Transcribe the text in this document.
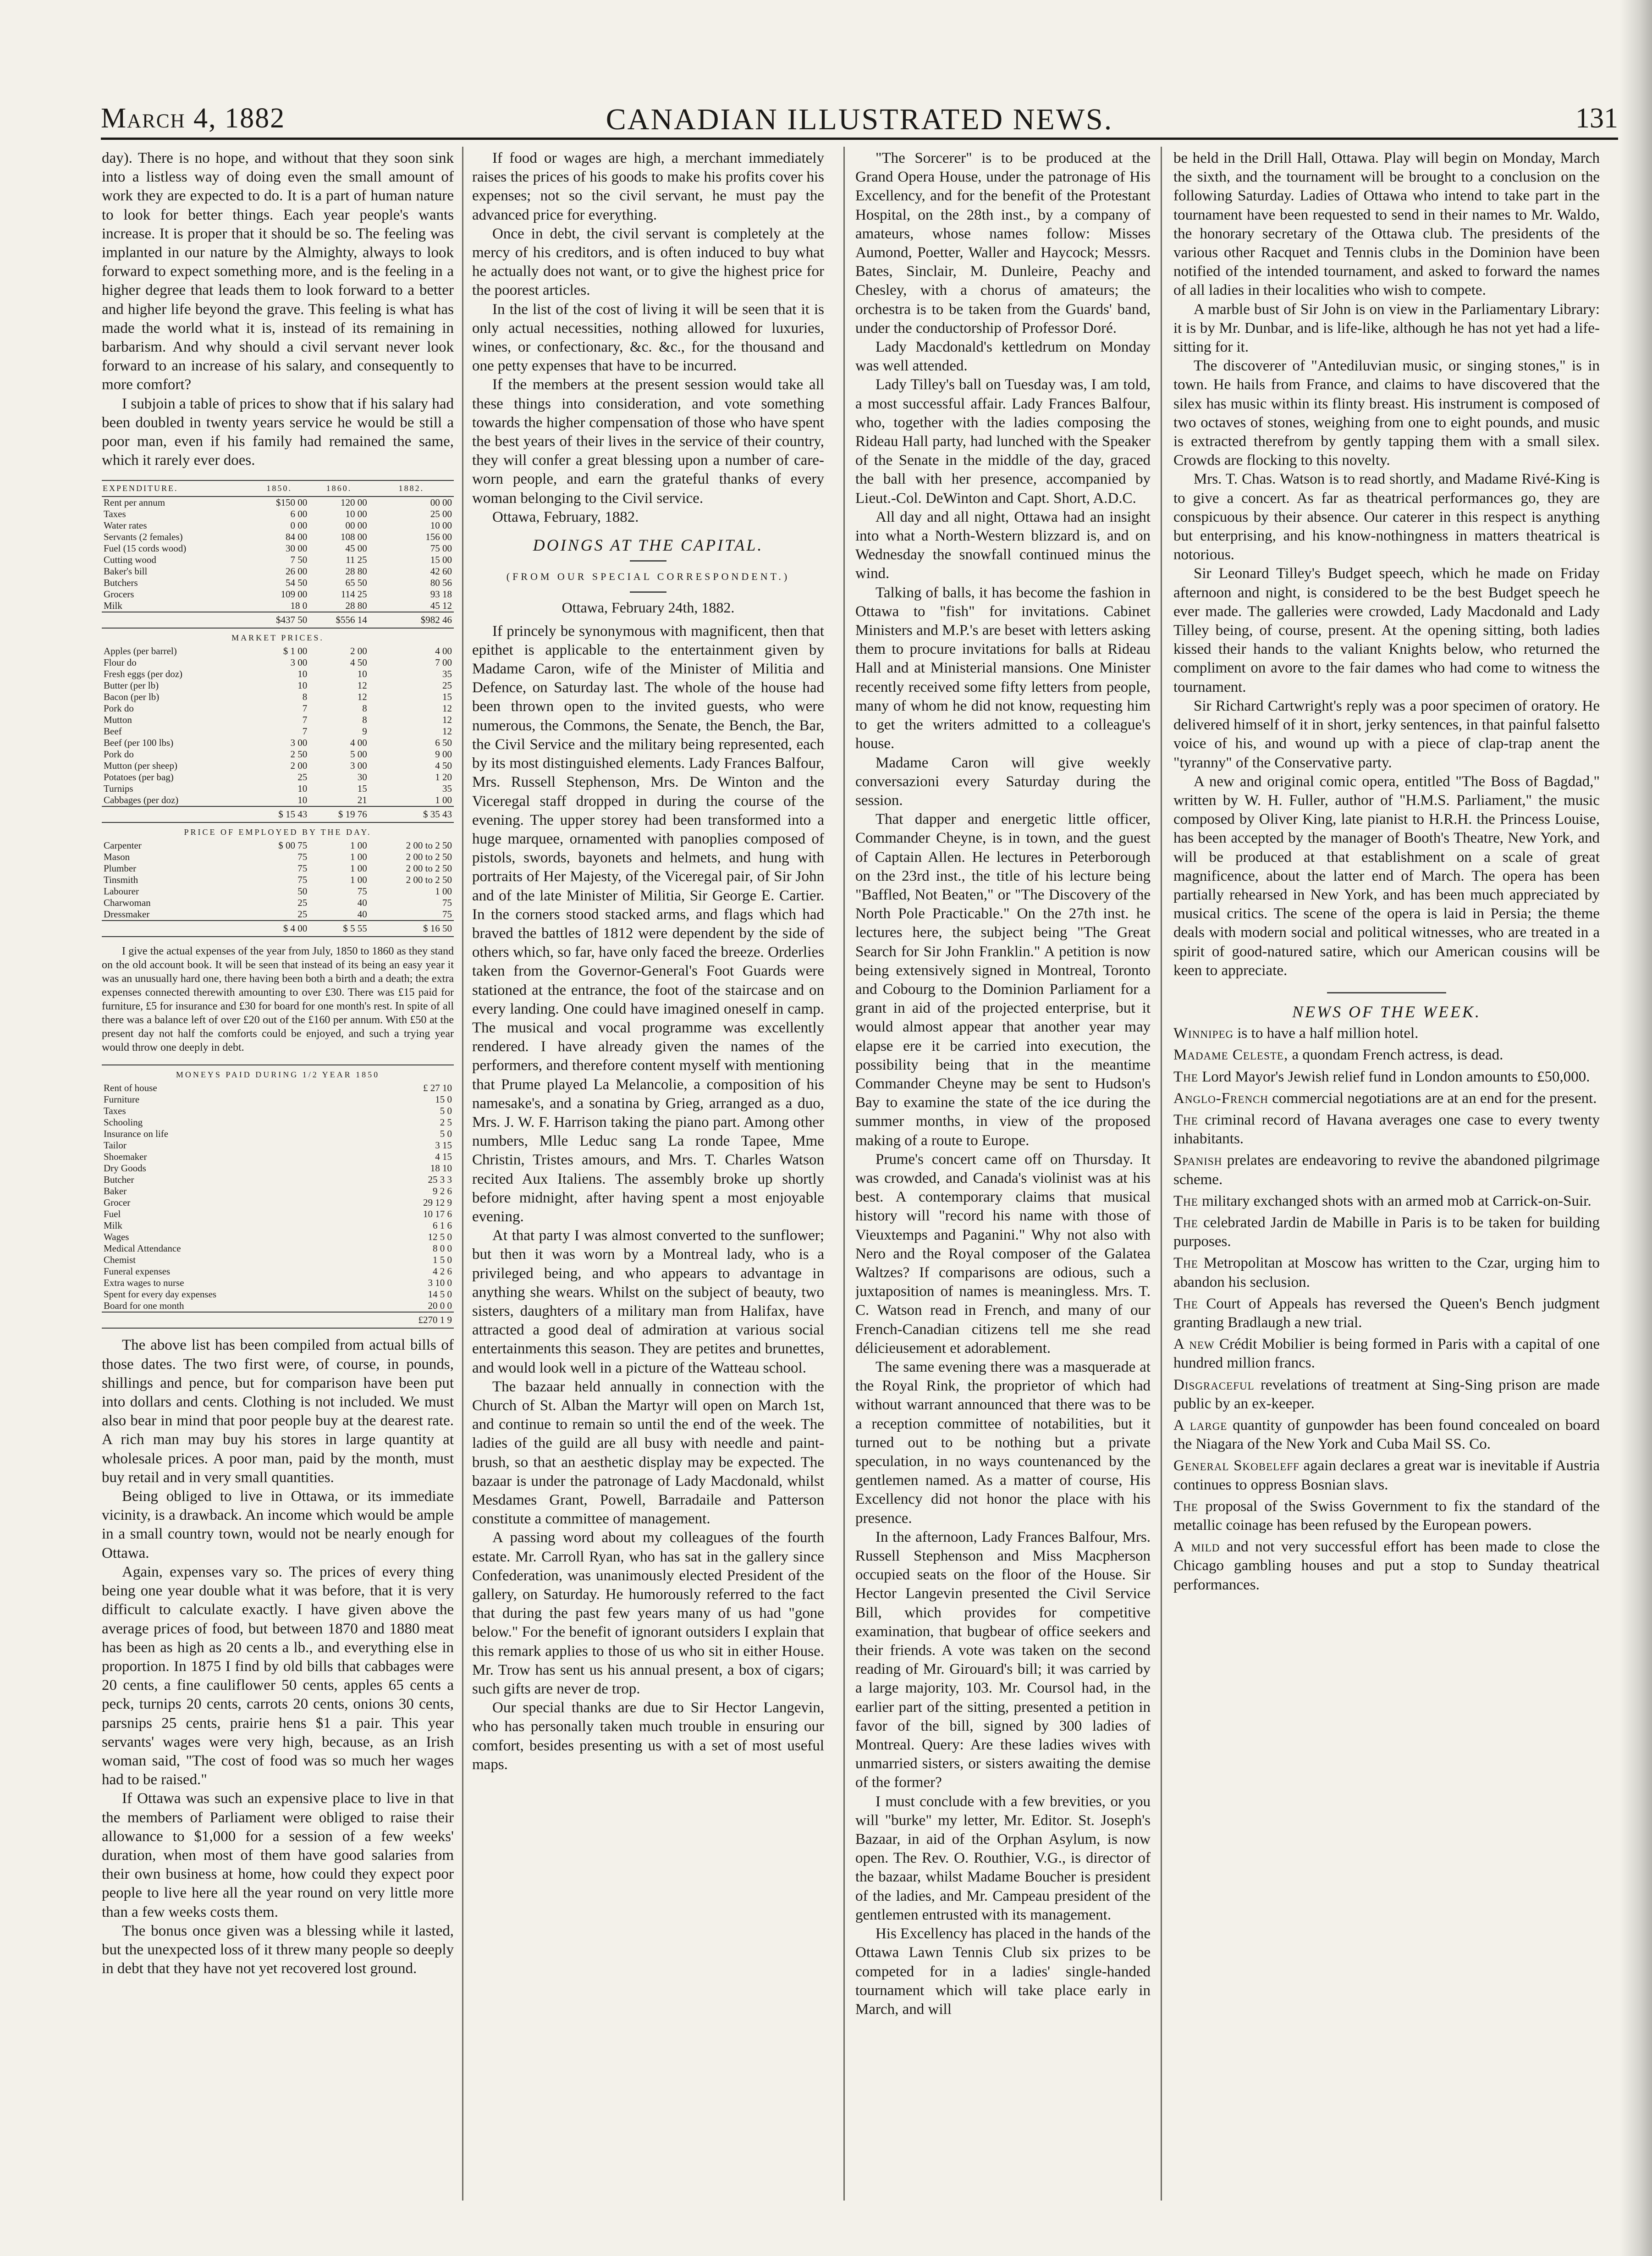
March 4, 1882	CANADIAN ILLUSTRATED NEWS.	131

day). There is no hope, and without that they soon sink into a listless way of doing even the small amount of work they are expected to do. It is a part of human nature to look for better things. Each year people's wants increase. It is proper that it should be so. The feeling was implanted in our nature by the Almighty, always to look forward to expect something more, and is the feeling in a higher degree that leads them to look forward to a better and higher life beyond the grave. This feeling is what has made the world what it is, instead of its remaining in barbarism. And why should a civil servant never look forward to an increase of his salary, and consequently to more comfort?

I subjoin a table of prices to show that if his salary had been doubled in twenty years service he would be still a poor man, even if his family had remained the same, which it rarely ever does.

EXPENDITURE.	1850.	1860.	1882.
Rent per annum	$150 00	120 00	00 00
Taxes	6 00	10 00	25 00
Water rates	0 00	00 00	10 00
Servants (2 females)	84 00	108 00	156 00
Fuel (15 cords wood)	30 00	45 00	75 00
Cutting wood	7 50	11 25	15 00
Baker's bill	26 00	28 80	42 60
Butchers	54 50	65 50	80 56
Grocers	109 00	114 25	93 18
Milk	18 0	28 80	45 12
	$437 50	$556 14	$982 46
MARKET PRICES.			
Apples (per barrel)	$ 1 00	2 00	4 00
Flour do	3 00	4 50	7 00
Fresh eggs (per doz)	10	10	35
Butter (per lb)	10	12	25
Bacon (per lb)	8	12	15
Pork do	7	8	12
Mutton	7	8	12
Beef	7	9	12
Beef (per 100 lbs)	3 00	4 00	6 50
Pork do	2 50	5 00	9 00
Mutton (per sheep)	2 00	3 00	4 50
Potatoes (per bag)	25	30	1 20
Turnips	10	15	35
Cabbages (per doz)	10	21	1 00
	$ 15 43	$ 19 76	$ 35 43
PRICE OF EMPLOYED BY THE DAY.			
Carpenter	$ 00 75	1 00	2 00 to 2 50
Mason	75	1 00	2 00 to 2 50
Plumber	75	1 00	2 00 to 2 50
Tinsmith	75	1 00	2 00 to 2 50
Labourer	50	75	1 00
Charwoman	25	40	75
Dressmaker	25	40	75
	$ 4 00	$ 5 55	$ 16 50

I give the actual expenses of the year from July, 1850 to 1860 as they stand on the old account book. It will be seen that instead of its being an easy year it was an unusually hard one, there having been both a birth and a death; the extra expenses connected therewith amounting to over £30. There was £15 paid for furniture, £5 for insurance and £30 for board for one month's rest. In spite of all there was a balance left of over £20 out of the £160 per annum. With £50 at the present day not half the comforts could be enjoyed, and such a trying year would throw one deeply in debt.

MONEYS PAID DURING 1/2 YEAR 1850	
Rent of house	£ 27 10
Furniture	15 0
Taxes	5 0
Schooling	2 5
Insurance on life	5 0
Tailor	3 15
Shoemaker	4 15
Dry Goods	18 10
Butcher	25 3 3
Baker	9 2 6
Grocer	29 12 9
Fuel	10 17 6
Milk	6 1 6
Wages	12 5 0
Medical Attendance	8 0 0
Chemist	1 5 0
Funeral expenses	4 2 6
Extra wages to nurse	3 10 0
Spent for every day expenses	14 5 0
Board for one month	20 0 0
	£270 1 9

The above list has been compiled from actual bills of those dates. The two first were, of course, in pounds, shillings and pence, but for comparison have been put into dollars and cents. Clothing is not included. We must also bear in mind that poor people buy at the dearest rate. A rich man may buy his stores in large quantity at wholesale prices. A poor man, paid by the month, must buy retail and in very small quantities.

Being obliged to live in Ottawa, or its immediate vicinity, is a drawback. An income which would be ample in a small country town, would not be nearly enough for Ottawa.

Again, expenses vary so. The prices of every thing being one year double what it was before, that it is very difficult to calculate exactly. I have given above the average prices of food, but between 1870 and 1880 meat has been as high as 20 cents a lb., and everything else in proportion. In 1875 I find by old bills that cabbages were 20 cents, a fine cauliflower 50 cents, apples 65 cents a peck, turnips 20 cents, carrots 20 cents, onions 30 cents, parsnips 25 cents, prairie hens $1 a pair. This year servants' wages were very high, because, as an Irish woman said, "The cost of food was so much her wages had to be raised."

If Ottawa was such an expensive place to live in that the members of Parliament were obliged to raise their allowance to $1,000 for a session of a few weeks' duration, when most of them have good salaries from their own business at home, how could they expect poor people to live here all the year round on very little more than a few weeks costs them.

The bonus once given was a blessing while it lasted, but the unexpected loss of it threw many people so deeply in debt that they have not yet recovered lost ground.

If food or wages are high, a merchant immediately raises the prices of his goods to make his profits cover his expenses; not so the civil servant, he must pay the advanced price for everything.

Once in debt, the civil servant is completely at the mercy of his creditors, and is often induced to buy what he actually does not want, or to give the highest price for the poorest articles.

In the list of the cost of living it will be seen that it is only actual necessities, nothing allowed for luxuries, wines, or confectionary, &c. &c., for the thousand and one petty expenses that have to be incurred.

If the members at the present session would take all these things into consideration, and vote something towards the higher compensation of those who have spent the best years of their lives in the service of their country, they will confer a great blessing upon a number of care-worn people, and earn the grateful thanks of every woman belonging to the Civil service.

Ottawa, February, 1882.

DOINGS AT THE CAPITAL.
(FROM OUR SPECIAL CORRESPONDENT.)
Ottawa, February 24th, 1882.

If princely be synonymous with magnificent, then that epithet is applicable to the entertainment given by Madame Caron, wife of the Minister of Militia and Defence, on Saturday last. The whole of the house had been thrown open to the invited guests, who were numerous, the Commons, the Senate, the Bench, the Bar, the Civil Service and the military being represented, each by its most distinguished elements. Lady Frances Balfour, Mrs. Russell Stephenson, Mrs. De Winton and the Viceregal staff dropped in during the course of the evening. The upper storey had been transformed into a huge marquee, ornamented with panoplies composed of pistols, swords, bayonets and helmets, and hung with portraits of Her Majesty, of the Viceregal pair, of Sir John and of the late Minister of Militia, Sir George E. Cartier. In the corners stood stacked arms, and flags which had braved the battles of 1812 were dependent by the side of others which, so far, have only faced the breeze. Orderlies taken from the Governor-General's Foot Guards were stationed at the entrance, the foot of the staircase and on every landing. One could have imagined oneself in camp. The musical and vocal programme was excellently rendered. I have already given the names of the performers, and therefore content myself with mentioning that Prume played La Melancolie, a composition of his namesake's, and a sonatina by Grieg, arranged as a duo, Mrs. J. W. F. Harrison taking the piano part. Among other numbers, Mlle Leduc sang La ronde Tapee, Mme Christin, Tristes amours, and Mrs. T. Charles Watson recited Aux Italiens. The assembly broke up shortly before midnight, after having spent a most enjoyable evening.

At that party I was almost converted to the sunflower; but then it was worn by a Montreal lady, who is a privileged being, and who appears to advantage in anything she wears. Whilst on the subject of beauty, two sisters, daughters of a military man from Halifax, have attracted a good deal of admiration at various social entertainments this season. They are petites and brunettes, and would look well in a picture of the Watteau school.

The bazaar held annually in connection with the Church of St. Alban the Martyr will open on March 1st, and continue to remain so until the end of the week. The ladies of the guild are all busy with needle and paint-brush, so that an aesthetic display may be expected. The bazaar is under the patronage of Lady Macdonald, whilst Mesdames Grant, Powell, Barradaile and Patterson constitute a committee of management.

A passing word about my colleagues of the fourth estate. Mr. Carroll Ryan, who has sat in the gallery since Confederation, was unanimously elected President of the gallery, on Saturday. He humorously referred to the fact that during the past few years many of us had "gone below." For the benefit of ignorant outsiders I explain that this remark applies to those of us who sit in either House. Mr. Trow has sent us his annual present, a box of cigars; such gifts are never de trop.

Our special thanks are due to Sir Hector Langevin, who has personally taken much trouble in ensuring our comfort, besides presenting us with a set of most useful maps.

"The Sorcerer" is to be produced at the Grand Opera House, under the patronage of His Excellency, and for the benefit of the Protestant Hospital, on the 28th inst., by a company of amateurs, whose names follow: Misses Aumond, Poetter, Waller and Haycock; Messrs. Bates, Sinclair, M. Dunleire, Peachy and Chesley, with a chorus of amateurs; the orchestra is to be taken from the Guards' band, under the conductorship of Professor Doré.

Lady Macdonald's kettledrum on Monday was well attended.

Lady Tilley's ball on Tuesday was, I am told, a most successful affair. Lady Frances Balfour, who, together with the ladies composing the Rideau Hall party, had lunched with the Speaker of the Senate in the middle of the day, graced the ball with her presence, accompanied by Lieut.-Col. DeWinton and Capt. Short, A.D.C.

All day and all night, Ottawa had an insight into what a North-Western blizzard is, and on Wednesday the snowfall continued minus the wind.

Talking of balls, it has become the fashion in Ottawa to "fish" for invitations. Cabinet Ministers and M.P.'s are beset with letters asking them to procure invitations for balls at Rideau Hall and at Ministerial mansions. One Minister recently received some fifty letters from people, many of whom he did not know, requesting him to get the writers admitted to a colleague's house.

Madame Caron will give weekly conversazioni every Saturday during the session.

That dapper and energetic little officer, Commander Cheyne, is in town, and the guest of Captain Allen. He lectures in Peterborough on the 23rd inst., the title of his lecture being "Baffled, Not Beaten," or "The Discovery of the North Pole Practicable." On the 27th inst. he lectures here, the subject being "The Great Search for Sir John Franklin." A petition is now being extensively signed in Montreal, Toronto and Cobourg to the Dominion Parliament for a grant in aid of the projected enterprise, but it would almost appear that another year may elapse ere it be carried into execution, the possibility being that in the meantime Commander Cheyne may be sent to Hudson's Bay to examine the state of the ice during the summer months, in view of the proposed making of a route to Europe.

Prume's concert came off on Thursday. It was crowded, and Canada's violinist was at his best. A contemporary claims that musical history will "record his name with those of Vieuxtemps and Paganini." Why not also with Nero and the Royal composer of the Galatea Waltzes? If comparisons are odious, such a juxtaposition of names is meaningless. Mrs. T. C. Watson read in French, and many of our French-Canadian citizens tell me she read délicieusement et adorablement.

The same evening there was a masquerade at the Royal Rink, the proprietor of which had without warrant announced that there was to be a reception committee of notabilities, but it turned out to be nothing but a private speculation, in no ways countenanced by the gentlemen named. As a matter of course, His Excellency did not honor the place with his presence.

In the afternoon, Lady Frances Balfour, Mrs. Russell Stephenson and Miss Macpherson occupied seats on the floor of the House. Sir Hector Langevin presented the Civil Service Bill, which provides for competitive examination, that bugbear of office seekers and their friends. A vote was taken on the second reading of Mr. Girouard's bill; it was carried by a large majority, 103. Mr. Coursol had, in the earlier part of the sitting, presented a petition in favor of the bill, signed by 300 ladies of Montreal. Query: Are these ladies wives with unmarried sisters, or sisters awaiting the demise of the former?

I must conclude with a few brevities, or you will "burke" my letter, Mr. Editor. St. Joseph's Bazaar, in aid of the Orphan Asylum, is now open. The Rev. O. Routhier, V.G., is director of the bazaar, whilst Madame Boucher is president of the ladies, and Mr. Campeau president of the gentlemen entrusted with its management.

His Excellency has placed in the hands of the Ottawa Lawn Tennis Club six prizes to be competed for in a ladies' single-handed tournament which will take place early in March, and will

be held in the Drill Hall, Ottawa. Play will begin on Monday, March the sixth, and the tournament will be brought to a conclusion on the following Saturday. Ladies of Ottawa who intend to take part in the tournament have been requested to send in their names to Mr. Waldo, the honorary secretary of the Ottawa club. The presidents of the various other Racquet and Tennis clubs in the Dominion have been notified of the intended tournament, and asked to forward the names of all ladies in their localities who wish to compete.

A marble bust of Sir John is on view in the Parliamentary Library: it is by Mr. Dunbar, and is life-like, although he has not yet had a life-sitting for it.

The discoverer of "Antediluvian music, or singing stones," is in town. He hails from France, and claims to have discovered that the silex has music within its flinty breast. His instrument is composed of two octaves of stones, weighing from one to eight pounds, and music is extracted therefrom by gently tapping them with a small silex. Crowds are flocking to this novelty.

Mrs. T. Chas. Watson is to read shortly, and Madame Rivé-King is to give a concert. As far as theatrical performances go, they are conspicuous by their absence. Our caterer in this respect is anything but enterprising, and his know-nothingness in matters theatrical is notorious.

Sir Leonard Tilley's Budget speech, which he made on Friday afternoon and night, is considered to be the best Budget speech he ever made. The galleries were crowded, Lady Macdonald and Lady Tilley being, of course, present. At the opening sitting, both ladies kissed their hands to the valiant Knights below, who returned the compliment on avore to the fair dames who had come to witness the tournament.

Sir Richard Cartwright's reply was a poor specimen of oratory. He delivered himself of it in short, jerky sentences, in that painful falsetto voice of his, and wound up with a piece of clap-trap anent the "tyranny" of the Conservative party.

A new and original comic opera, entitled "The Boss of Bagdad," written by W. H. Fuller, author of "H.M.S. Parliament," the music composed by Oliver King, late pianist to H.R.H. the Princess Louise, has been accepted by the manager of Booth's Theatre, New York, and will be produced at that establishment on a scale of great magnificence, about the latter end of March. The opera has been partially rehearsed in New York, and has been much appreciated by musical critics. The scene of the opera is laid in Persia; the theme deals with modern social and political witnesses, who are treated in a spirit of good-natured satire, which our American cousins will be keen to appreciate.

NEWS OF THE WEEK.

Winnipeg is to have a half million hotel.

Madame Celeste, a quondam French actress, is dead.

The Lord Mayor's Jewish relief fund in London amounts to £50,000.

Anglo-French commercial negotiations are at an end for the present.

The criminal record of Havana averages one case to every twenty inhabitants.

Spanish prelates are endeavoring to revive the abandoned pilgrimage scheme.

The military exchanged shots with an armed mob at Carrick-on-Suir.

The celebrated Jardin de Mabille in Paris is to be taken for building purposes.

The Metropolitan at Moscow has written to the Czar, urging him to abandon his seclusion.

The Court of Appeals has reversed the Queen's Bench judgment granting Bradlaugh a new trial.

A new Crédit Mobilier is being formed in Paris with a capital of one hundred million francs.

Disgraceful revelations of treatment at Sing-Sing prison are made public by an ex-keeper.

A large quantity of gunpowder has been found concealed on board the Niagara of the New York and Cuba Mail SS. Co.

General Skobeleff again declares a great war is inevitable if Austria continues to oppress Bosnian slavs.

The proposal of the Swiss Government to fix the standard of the metallic coinage has been refused by the European powers.

A mild and not very successful effort has been made to close the Chicago gambling houses and put a stop to Sunday theatrical performances.
